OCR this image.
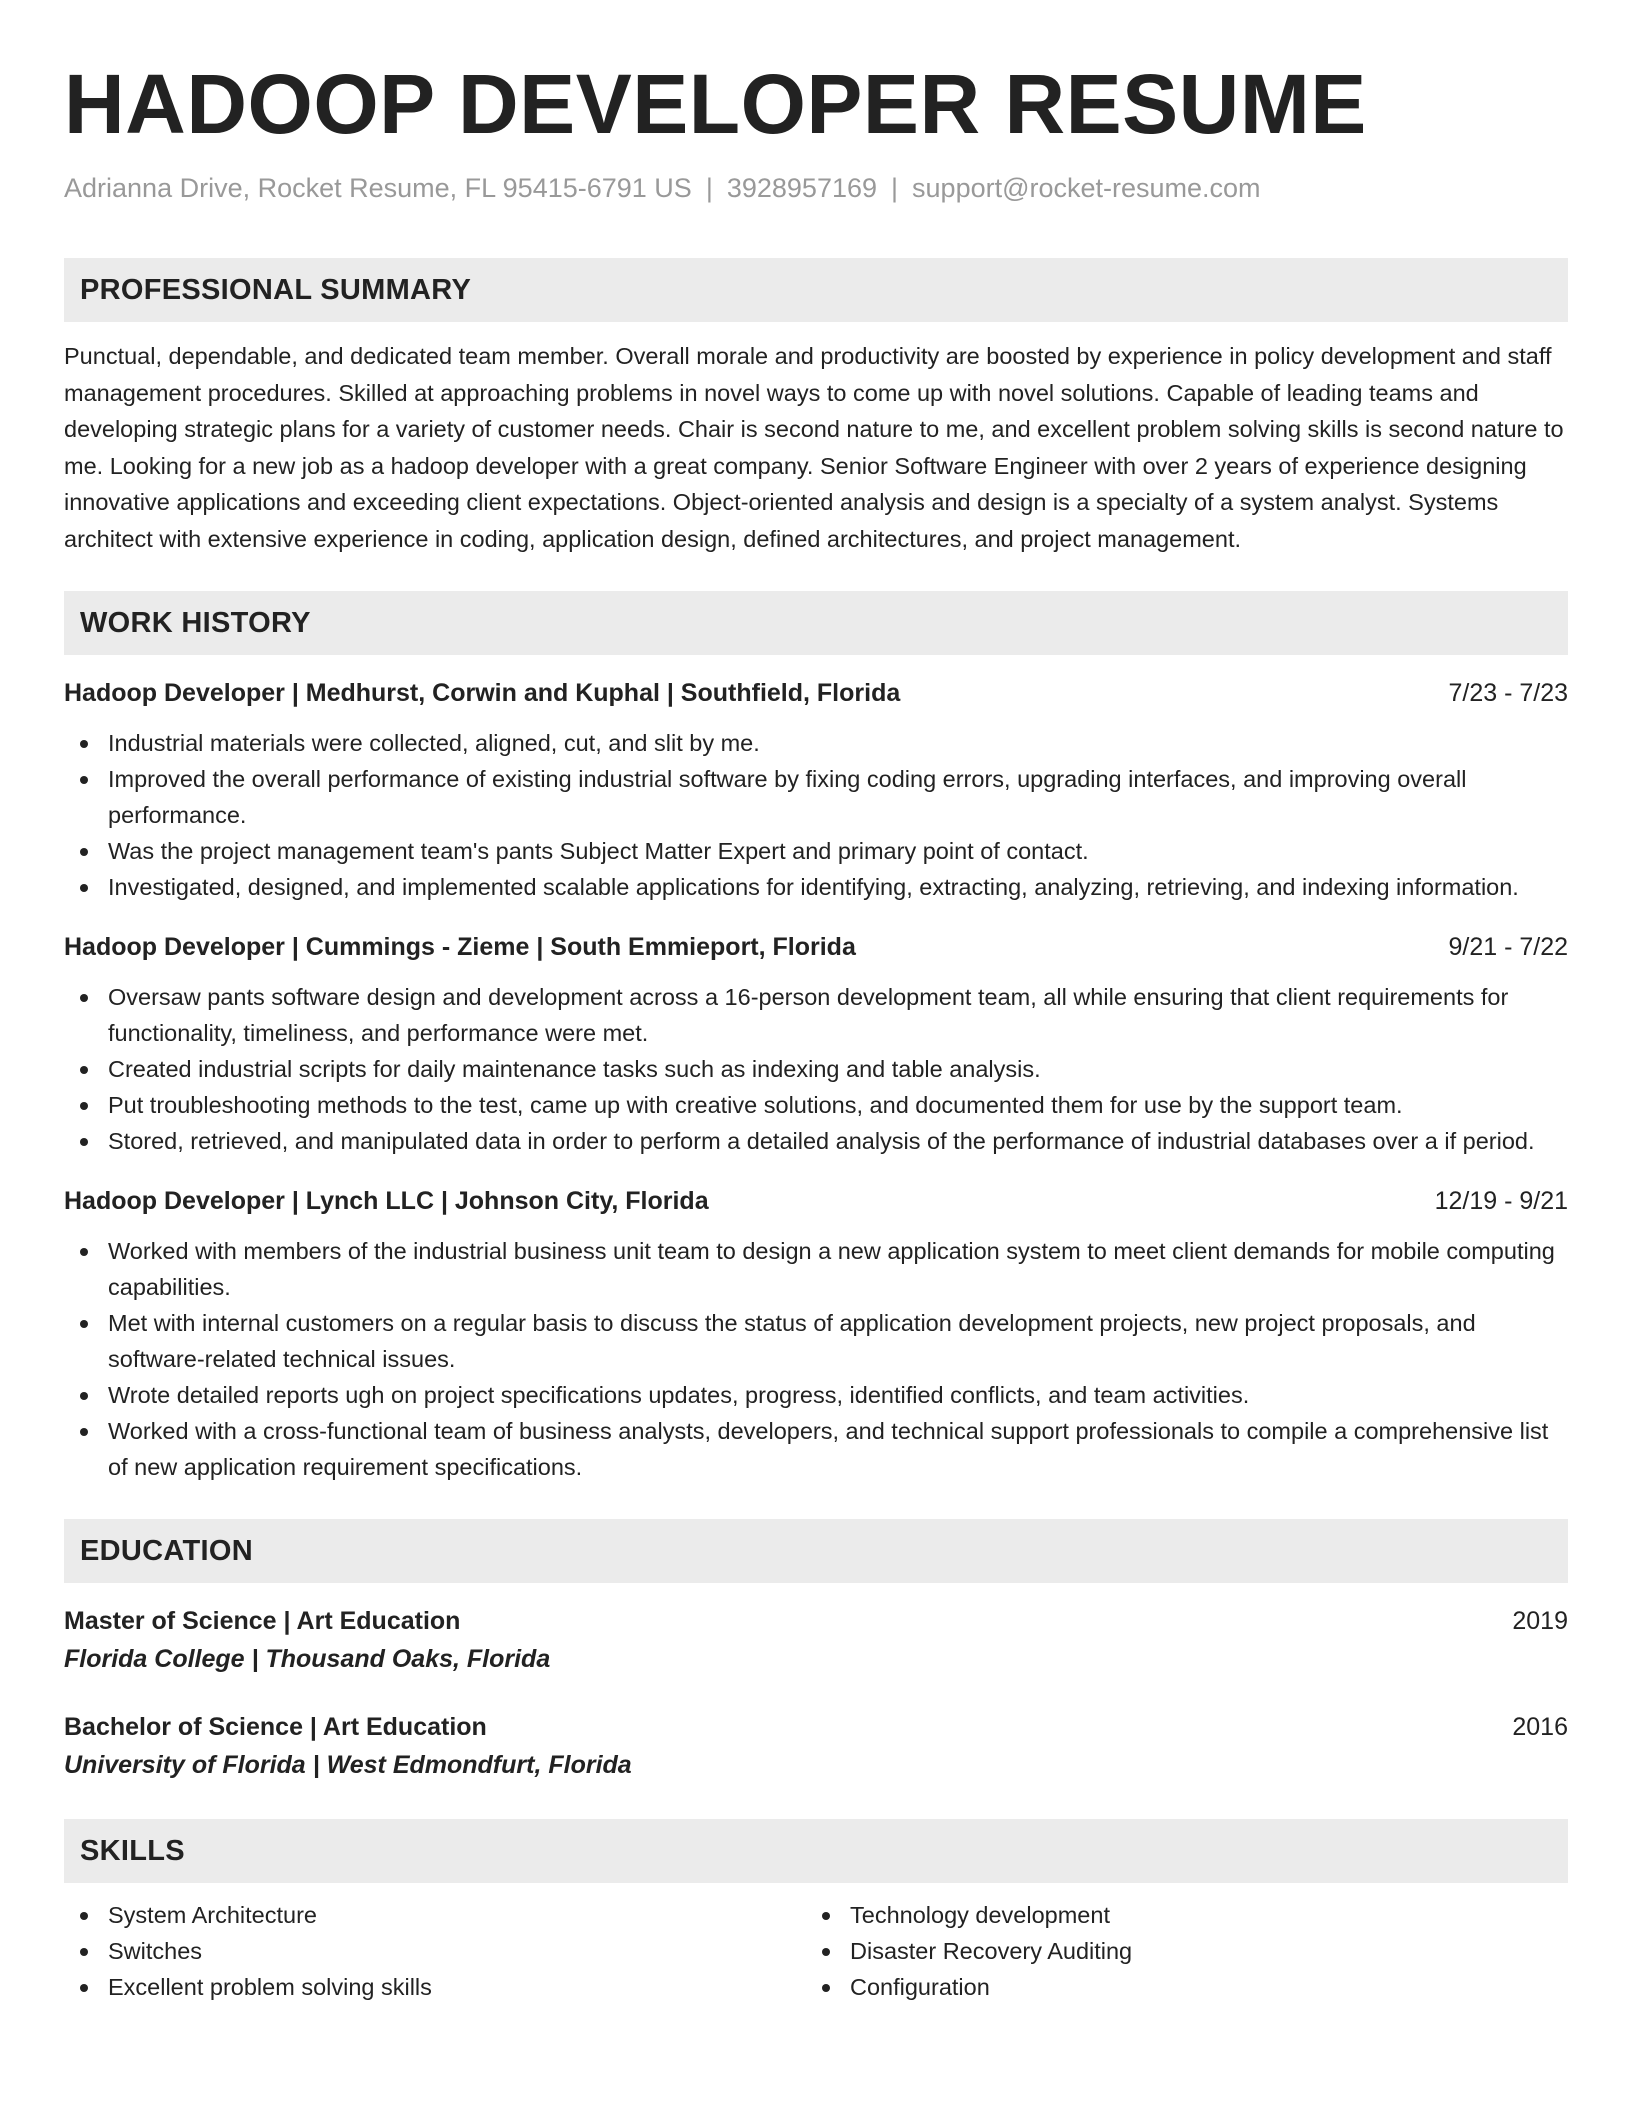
HADOOP DEVELOPER RESUME
Adrianna Drive, Rocket Resume, FL 95415-6791 US | 3928957169 | support@rocket-resume.com
PROFESSIONAL SUMMARY

Punctual, dependable, and dedicated team member. Overall morale and productivity are boosted by experience in policy development and staff management procedures. Skilled at approaching problems in novel ways to come up with novel solutions. Capable of leading teams and developing strategic plans for a variety of customer needs. Chair is second nature to me, and excellent problem solving skills is second nature to me. Looking for a new job as a hadoop developer with a great company. Senior Software Engineer with over 2 years of experience designing innovative applications and exceeding client expectations. Object-oriented analysis and design is a specialty of a system analyst. Systems architect with extensive experience in coding, application design, defined architectures, and project management.

WORK HISTORY
Hadoop Developer | Medhurst, Corwin and Kuphal | Southfield, Florida	7/23 - 7/23
Industrial materials were collected, aligned, cut, and slit by me.
Improved the overall performance of existing industrial software by fixing coding errors, upgrading interfaces, and improving overall performance.
Was the project management team's pants Subject Matter Expert and primary point of contact.
Investigated, designed, and implemented scalable applications for identifying, extracting, analyzing, retrieving, and indexing information.
Hadoop Developer | Cummings - Zieme | South Emmieport, Florida	9/21 - 7/22
Oversaw pants software design and development across a 16-person development team, all while ensuring that client requirements for functionality, timeliness, and performance were met.
Created industrial scripts for daily maintenance tasks such as indexing and table analysis.
Put troubleshooting methods to the test, came up with creative solutions, and documented them for use by the support team.
Stored, retrieved, and manipulated data in order to perform a detailed analysis of the performance of industrial databases over a if period.
Hadoop Developer | Lynch LLC | Johnson City, Florida	12/19 - 9/21
Worked with members of the industrial business unit team to design a new application system to meet client demands for mobile computing capabilities.
Met with internal customers on a regular basis to discuss the status of application development projects, new project proposals, and software-related technical issues.
Wrote detailed reports ugh on project specifications updates, progress, identified conflicts, and team activities.
Worked with a cross-functional team of business analysts, developers, and technical support professionals to compile a comprehensive list of new application requirement specifications.
EDUCATION
Master of Science | Art Education	2019
Florida College | Thousand Oaks, Florida
Bachelor of Science | Art Education	2016
University of Florida | West Edmondfurt, Florida
SKILLS
System Architecture
Switches
Excellent problem solving skills
Technology development
Disaster Recovery Auditing
Configuration
